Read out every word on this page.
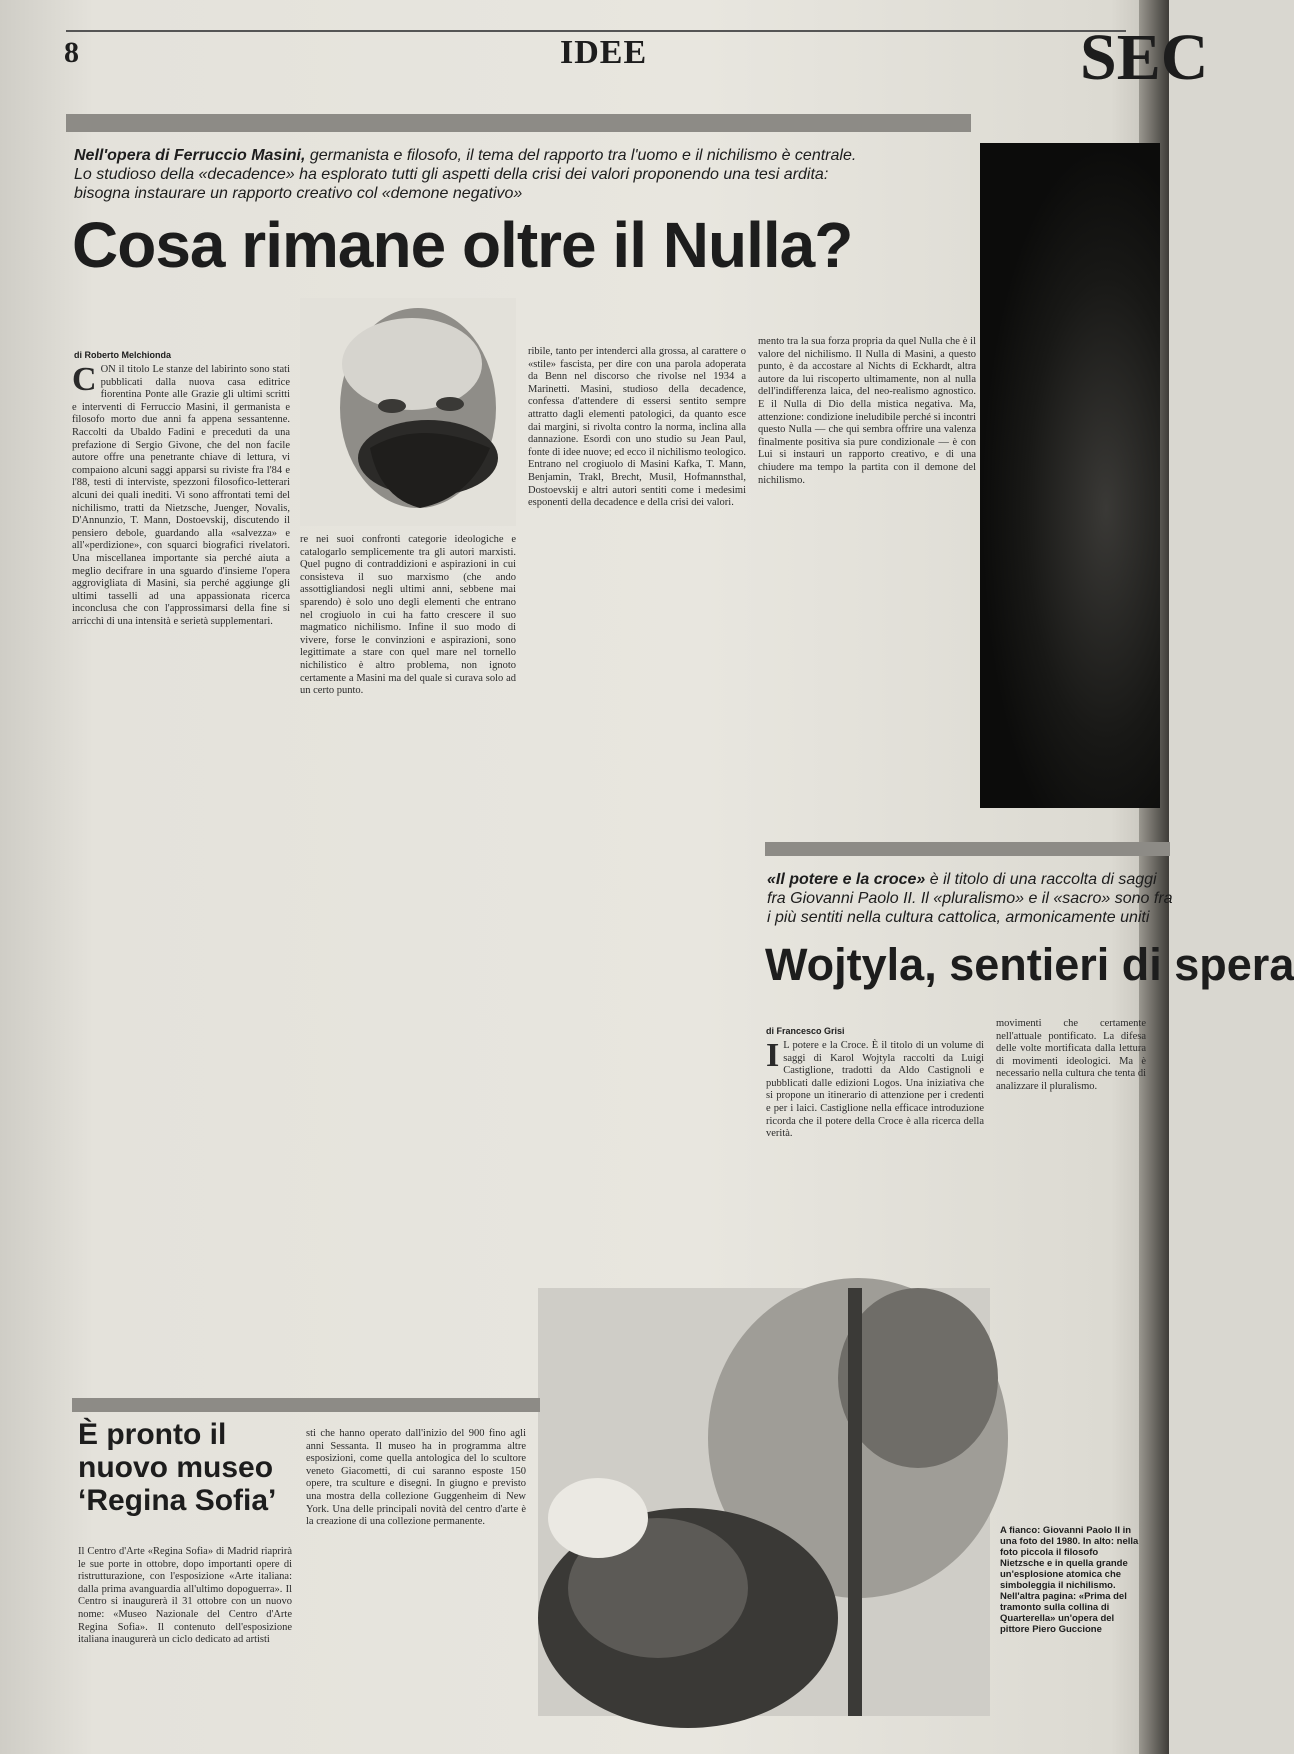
8	IDEE	SEC
Nell'opera di Ferruccio Masini, germanista e filosofo, il tema del rapporto tra l'uomo e il nichilismo è centrale. Lo studioso della «decadence» ha esplorato tutti gli aspetti della crisi dei valori proponendo una tesi ardita: bisogna instaurare un rapporto creativo col «demone negativo»
Cosa rimane oltre il Nulla?
di Roberto Melchionda
C ON il titolo Le stanze del labirinto sono stati pubblicati dalla nuova casa editrice fiorentina Ponte alle Grazie gli ultimi scritti e interventi di Ferruccio Masini, il germanista e filosofo morto due anni fa appena sessantenne. Raccolti da Ubaldo Fadini e preceduti da una prefazione di Sergio Givone, che del non facile autore offre una penetrante chiave di lettura, vi compaiono alcuni saggi apparsi su riviste fra l'84 e l'88, testi di interviste, spezzoni filosofico-letterari alcuni dei quali inediti. Vi sono affrontati temi del nichilismo, tratti da Nietzsche, Juenger, Novalis, D'Annunzio, T. Mann, Dostoevskij, discutendo il pensiero debole, guardando alla «salvezza» e all'«perdizione», con squarci biografici rivelatori. Una miscellanea importante sia perché aiuta a meglio decifrare in una sguardo d'insieme l'opera aggrovigliata di Masini, sia perché aggiunge gli ultimi tasselli ad una appassionata ricerca inconclusa che con l'approssimarsi della fine si arricchì di una intensità e serietà supplementari.
re nei suoi confronti categorie ideologiche e catalogarlo semplicemente tra gli autori marxisti. Quel pugno di contraddizioni e aspirazioni in cui consisteva il suo marxismo (che ando assottigliandosi negli ultimi anni, sebbene mai sparendo) è solo uno degli elementi che entrano nel crogiuolo in cui ha fatto crescere il suo magmatico nichilismo. Infine il suo modo di vivere, forse le convinzioni e aspirazioni, sono legittimate a stare con quel mare nel tornello nichilistico è altro problema, non ignoto certamente a Masini ma del quale si curava solo ad un certo punto.
ribile, tanto per intenderci alla grossa, al carattere o «stile» fascista, per dire con una parola adoperata da Benn nel discorso che rivolse nel 1934 a Marinetti. Masini, studioso della decadence, confessa d'attendere di essersi sentito sempre attratto dagli elementi patologici, da quanto esce dai margini, si rivolta contro la norma, inclina alla dannazione. Esordì con uno studio su Jean Paul, fonte di idee nuove; ed ecco il nichilismo teologico. Entrano nel crogiuolo di Masini Kafka, T. Mann, Benjamin, Trakl, Brecht, Musil, Hofmannsthal, Dostoevskij e altri autori sentiti come i medesimi esponenti della decadence e della crisi dei valori.
mento tra la sua forza propria da quel Nulla che è il valore del nichilismo. Il Nulla di Masini, a questo punto, è da accostare al Nichts di Eckhardt, altra autore da lui riscoperto ultimamente, non al nulla dell'indifferenza laica, del neo-realismo agnostico. E il Nulla di Dio della mistica negativa. Ma, attenzione: condizione ineludibile perché si incontri questo Nulla — che qui sembra offrire una valenza finalmente positiva sia pure condizionale — è con Lui si instauri un rapporto creativo, e di una chiudere ma tempo la partita con il demone del nichilismo.
«Il potere e la croce» è il titolo di una raccolta di saggi fra Giovanni Paolo II. Il «pluralismo» e il «sacro» sono fra i più sentiti nella cultura cattolica, armonicamente uniti
Wojtyla, sentieri di spera
di Francesco Grisi
I L potere e la Croce. È il titolo di un volume di saggi di Karol Wojtyla raccolti da Luigi Castiglione, tradotti da Aldo Castignoli e pubblicati dalle edizioni Logos. Una iniziativa che si propone un itinerario di attenzione per i credenti e per i laici. Castiglione nella efficace introduzione ricorda che il potere della Croce è alla ricerca della verità.
movimenti che certamente nell'attuale pontificato. La difesa delle volte mortificata dalla lettura di movimenti ideologici. Ma è necessario nella cultura che tenta di analizzare il pluralismo.
È pronto il nuovo museo ‘Regina Sofia’
Il Centro d'Arte «Regina Sofia» di Madrid riaprirà le sue porte in ottobre, dopo importanti opere di ristrutturazione, con l'esposizione «Arte italiana: dalla prima avanguardia all'ultimo dopoguerra». Il Centro si inaugurerà il 31 ottobre con un nuovo nome: «Museo Nazionale del Centro d'Arte Regina Sofia». Il contenuto dell'esposizione italiana inaugurerà un ciclo dedicato ad artisti
sti che hanno operato dall'inizio del 900 fino agli anni Sessanta. Il museo ha in programma altre esposizioni, come quella antologica del lo scultore veneto Giacometti, di cui saranno esposte 150 opere, tra sculture e disegni. In giugno e previsto una mostra della collezione Guggenheim di New York. Una delle principali novità del centro d'arte è la creazione di una collezione permanente.
A fianco: Giovanni Paolo II in una foto del 1980. In alto: nella foto piccola il filosofo Nietzsche e in quella grande un'esplosione atomica che simboleggia il nichilismo. Nell'altra pagina: «Prima del tramonto sulla collina di Quarterella» un'opera del pittore Piero Guccione
